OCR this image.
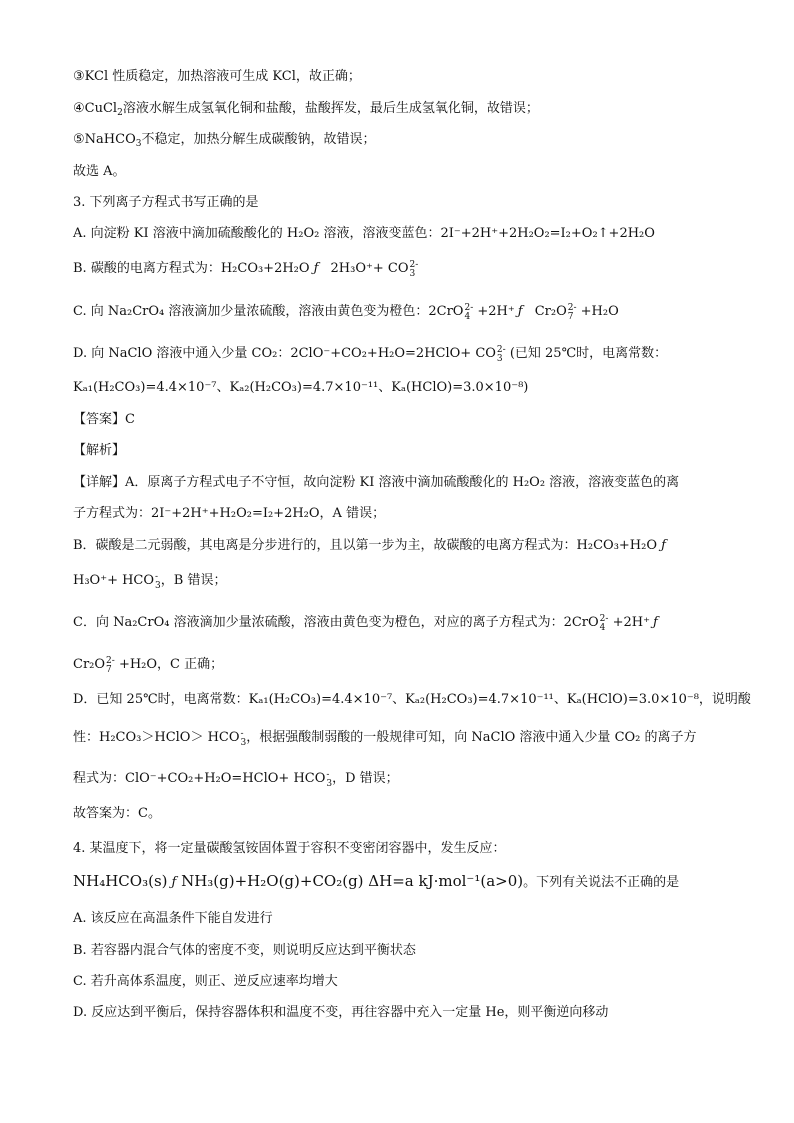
③KCl 性质稳定，加热溶液可生成 KCl，故正确；
④CuCl$_2$溶液水解生成氢氧化铜和盐酸，盐酸挥发，最后生成氢氧化铜，故错误；
⑤NaHCO$_3$不稳定，加热分解生成碳酸钠，故错误；
故选 A。
3. 下列离子方程式书写正确的是
A. 向淀粉 KI 溶液中滴加硫酸酸化的 H₂O₂ 溶液，溶液变蓝色：2I⁻+2H⁺+2H₂O₂=I₂+O₂↑+2H₂O
B. 碳酸的电离方程式为：H₂CO₃+2H₂O ƒ 2H₃O⁺+ CO 2-
3
C. 向 Na₂CrO₄ 溶液滴加少量浓硫酸，溶液由黄色变为橙色：2CrO 2-
4 +2H⁺ ƒ Cr₂O 2-
7 +H₂O
D. 向 NaClO 溶液中通入少量 CO₂：2ClO⁻+CO₂+H₂O=2HClO+ CO 2-
3 (已知 25℃时，电离常数：
Kₐ₁(H₂CO₃)=4.4×10⁻⁷、Kₐ₂(H₂CO₃)=4.7×10⁻¹¹、Kₐ(HClO)=3.0×10⁻⁸)
【答案】C
【解析】
【详解】A．原离子方程式电子不守恒，故向淀粉 KI 溶液中滴加硫酸酸化的 H₂O₂ 溶液，溶液变蓝色的离
子方程式为：2I⁻+2H⁺+H₂O₂=I₂+2H₂O，A 错误；
B．碳酸是二元弱酸，其电离是分步进行的，且以第一步为主，故碳酸的电离方程式为：H₂CO₃+H₂O ƒ
H₃O⁺+ HCO -
3 ，B 错误；
C．向 Na₂CrO₄ 溶液滴加少量浓硫酸，溶液由黄色变为橙色，对应的离子方程式为：2CrO 2-
4 +2H⁺ ƒ
Cr₂O 2-
7 +H₂O，C 正确；
D．已知 25℃时，电离常数：Kₐ₁(H₂CO₃)=4.4×10⁻⁷、Kₐ₂(H₂CO₃)=4.7×10⁻¹¹、Kₐ(HClO)=3.0×10⁻⁸，说明酸
性：H₂CO₃＞HClO＞ HCO -
3 ，根据强酸制弱酸的一般规律可知，向 NaClO 溶液中通入少量 CO₂ 的离子方
程式为：ClO⁻+CO₂+H₂O=HClO+ HCO -
3 ，D 错误；
故答案为：C。
4. 某温度下，将一定量碳酸氢铵固体置于容积不变密闭容器中，发生反应：
NH₄HCO₃(s) ƒ NH₃(g)+H₂O(g)+CO₂(g) ΔH=a kJ·mol⁻¹(a>0)。下列有关说法不正确的是
A. 该反应在高温条件下能自发进行
B. 若容器内混合气体的密度不变，则说明反应达到平衡状态
C. 若升高体系温度，则正、逆反应速率均增大
D. 反应达到平衡后，保持容器体积和温度不变，再往容器中充入一定量 He，则平衡逆向移动
